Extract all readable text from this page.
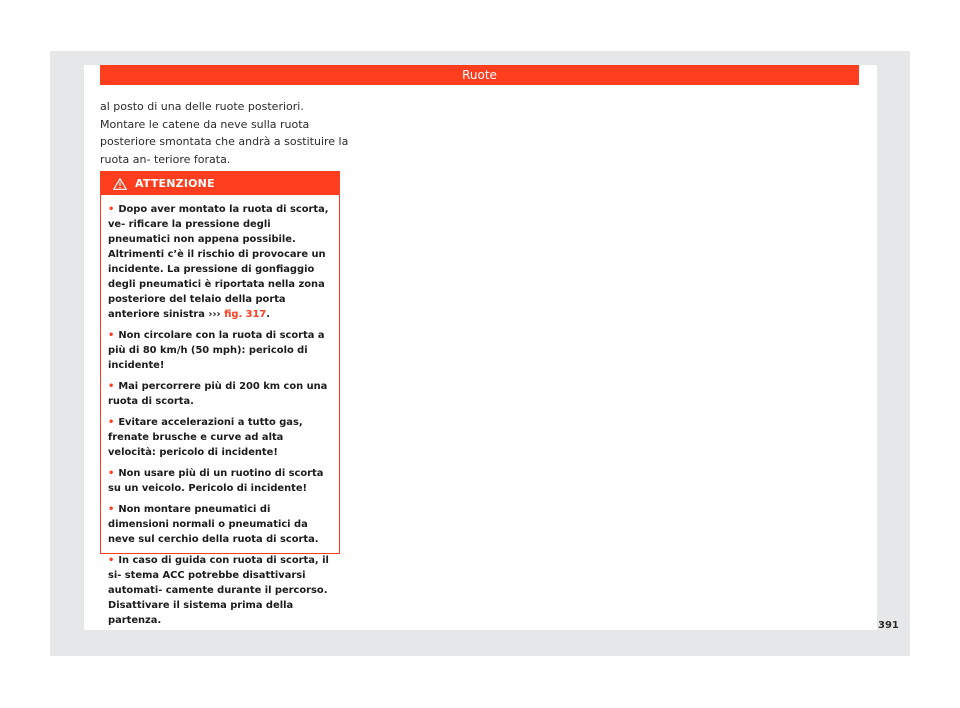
Ruote

al posto di una delle ruote posteriori. Montare le catene da neve sulla ruota posteriore smontata che andrà a sostituire la ruota an- teriore forata.

ATTENZIONE
• Dopo aver montato la ruota di scorta, ve- rificare la pressione degli pneumatici non appena possibile. Altrimenti c’è il rischio di provocare un incidente. La pressione di gonfiaggio degli pneumatici è riportata nella zona posteriore del telaio della porta anteriore sinistra ››› fig. 317.
• Non circolare con la ruota di scorta a più di 80 km/h (50 mph): pericolo di incidente!
• Mai percorrere più di 200 km con una ruota di scorta.
• Evitare accelerazioni a tutto gas, frenate brusche e curve ad alta velocità: pericolo di incidente!
• Non usare più di un ruotino di scorta su un veicolo. Pericolo di incidente!
• Non montare pneumatici di dimensioni normali o pneumatici da neve sul cerchio della ruota di scorta.
• In caso di guida con ruota di scorta, il si- stema ACC potrebbe disattivarsi automati- camente durante il percorso. Disattivare il sistema prima della partenza.	391
